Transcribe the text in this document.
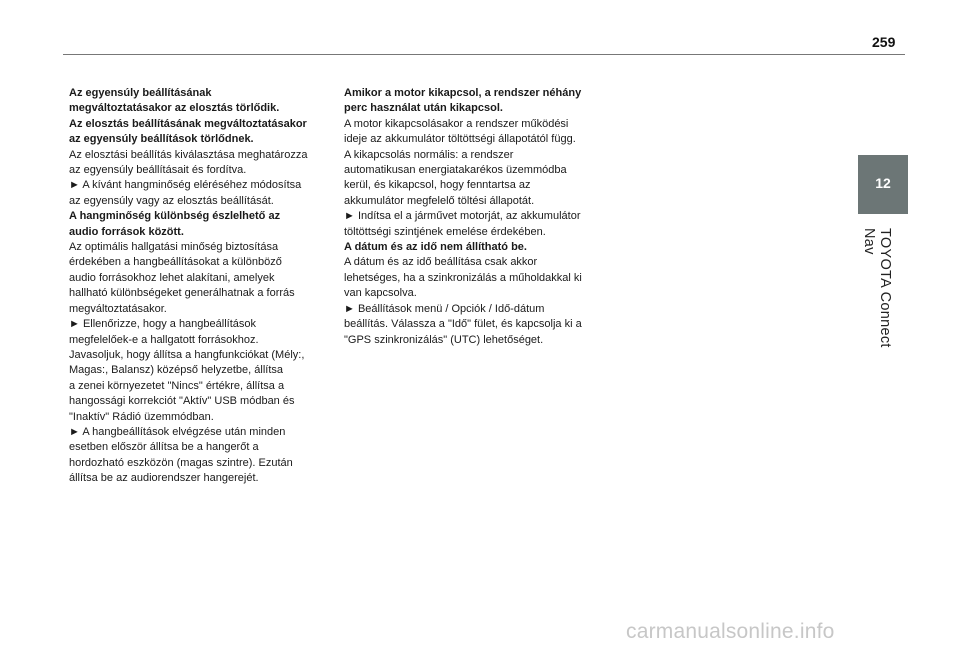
259
12
TOYOTA Connect Nav

Az egyensúly beállításának

megváltoztatásakor az elosztás törlődik.

Az elosztás beállításának megváltoztatásakor

az egyensúly beállítások törlődnek.

Az elosztási beállítás kiválasztása meghatározza

az egyensúly beállításait és fordítva.

► A kívánt hangminőség eléréséhez módosítsa

az egyensúly vagy az elosztás beállítását.

A hangminőség különbség észlelhető az

audio források között.

Az optimális hallgatási minőség biztosítása

érdekében a hangbeállításokat a különböző

audio forrásokhoz lehet alakítani, amelyek

hallható különbségeket generálhatnak a forrás

megváltoztatásakor.

► Ellenőrizze, hogy a hangbeállítások

megfelelőek-e a hallgatott forrásokhoz.

Javasoljuk, hogy állítsa a hangfunkciókat (Mély:,

Magas:, Balansz) középső helyzetbe, állítsa

a zenei környezetet "Nincs" értékre, állítsa a

hangossági korrekciót "Aktív" USB módban és

"Inaktív" Rádió üzemmódban.

► A hangbeállítások elvégzése után minden

esetben először állítsa be a hangerőt a

hordozható eszközön (magas szintre). Ezután

állítsa be az audiorendszer hangerejét.

Amikor a motor kikapcsol, a rendszer néhány

perc használat után kikapcsol.

A motor kikapcsolásakor a rendszer működési

ideje az akkumulátor töltöttségi állapotától függ.

A kikapcsolás normális: a rendszer

automatikusan energiatakarékos üzemmódba

kerül, és kikapcsol, hogy fenntartsa az

akkumulátor megfelelő töltési állapotát.

► Indítsa el a járművet motorját, az akkumulátor

töltöttségi szintjének emelése érdekében.

A dátum és az idő nem állítható be.

A dátum és az idő beállítása csak akkor

lehetséges, ha a szinkronizálás a műholdakkal ki

van kapcsolva.

► Beállítások menü / Opciók / Idő-dátum

beállítás. Válassza a "Idő" fület, és kapcsolja ki a

"GPS szinkronizálás" (UTC) lehetőséget.

carmanualsonline.info
